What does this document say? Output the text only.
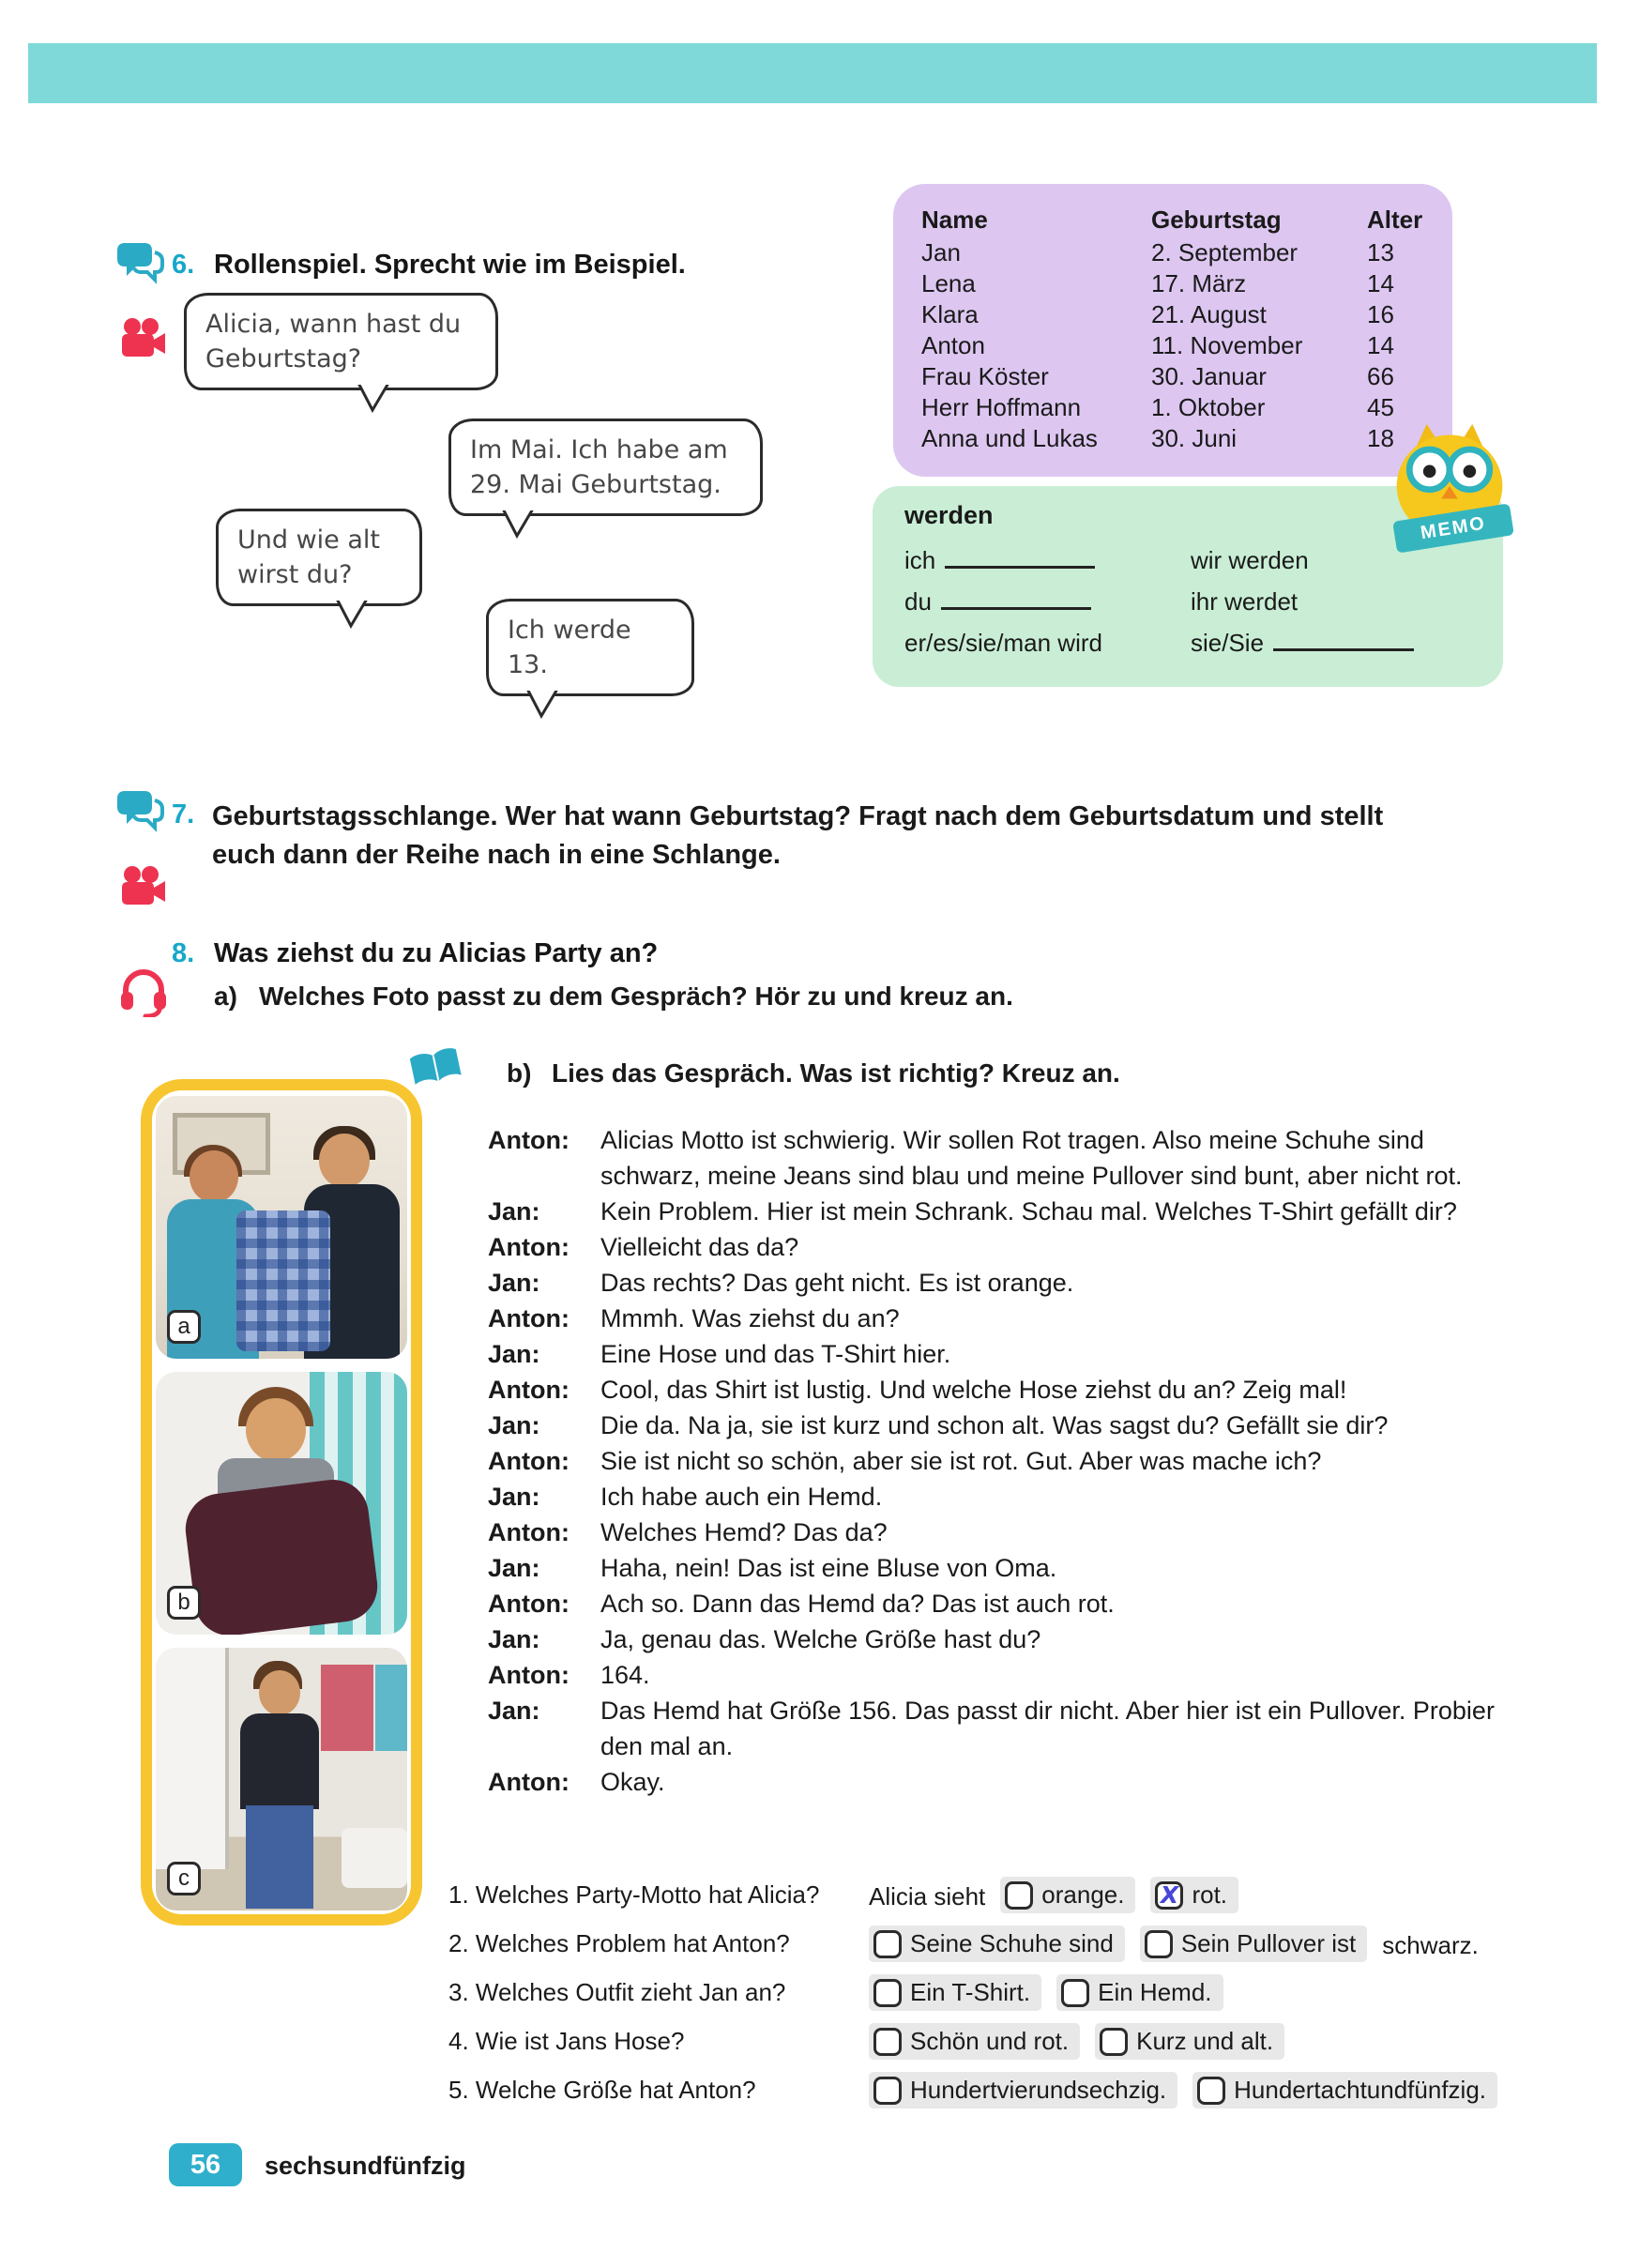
6. Rollenspiel. Sprecht wie im Beispiel.
Alicia, wann hast du Geburtstag?
Im Mai. Ich habe am 29. Mai Geburtstag.
Und wie alt wirst du?
Ich werde 13.
Name	Geburtstag	Alter
Jan	2. September	13
Lena	17. März	14
Klara	21. August	16
Anton	11. November	14
Frau Köster	30. Januar	66
Herr Hoffmann	1. Oktober	45
Anna und Lukas	30. Juni	18
MEMO
werden
ich	wir werden
du	ihr werdet
er/es/sie/man wird	sie/Sie
7. Geburtstagsschlange. Wer hat wann Geburtstag? Fragt nach dem Geburtsdatum und stellt euch dann der Reihe nach in eine Schlange.
8. Was ziehst du zu Alicias Party an?
a) Welches Foto passt zu dem Gespräch? Hör zu und kreuz an.
b) Lies das Gespräch. Was ist richtig? Kreuz an.
a
b
c
Anton:	Alicias Motto ist schwierig. Wir sollen Rot tragen. Also meine Schuhe sind schwarz, meine Jeans sind blau und meine Pullover sind bunt, aber nicht rot.
Jan:	Kein Problem. Hier ist mein Schrank. Schau mal. Welches T-Shirt gefällt dir?
Anton:	Vielleicht das da?
Jan:	Das rechts? Das geht nicht. Es ist orange.
Anton:	Mmmh. Was ziehst du an?
Jan:	Eine Hose und das T-Shirt hier.
Anton:	Cool, das Shirt ist lustig. Und welche Hose ziehst du an? Zeig mal!
Jan:	Die da. Na ja, sie ist kurz und schon alt. Was sagst du? Gefällt sie dir?
Anton:	Sie ist nicht so schön, aber sie ist rot. Gut. Aber was mache ich?
Jan:	Ich habe auch ein Hemd.
Anton:	Welches Hemd? Das da?
Jan:	Haha, nein! Das ist eine Bluse von Oma.
Anton:	Ach so. Dann das Hemd da? Das ist auch rot.
Jan:	Ja, genau das. Welche Größe hast du?
Anton:	164.
Jan:	Das Hemd hat Größe 156. Das passt dir nicht. Aber hier ist ein Pullover. Probier den mal an.
Anton:	Okay.
1. Welches Party-Motto hat Alicia?	Alicia sieht orange. X rot.
2. Welches Problem hat Anton?	Seine Schuhe sind	Sein Pullover ist schwarz.
3. Welches Outfit zieht Jan an?	Ein T-Shirt.	Ein Hemd.
4. Wie ist Jans Hose?	Schön und rot.	Kurz und alt.
5. Welche Größe hat Anton?	Hundertvierundsechzig.	Hundertachtundfünfzig.
56	sechsundfünfzig
